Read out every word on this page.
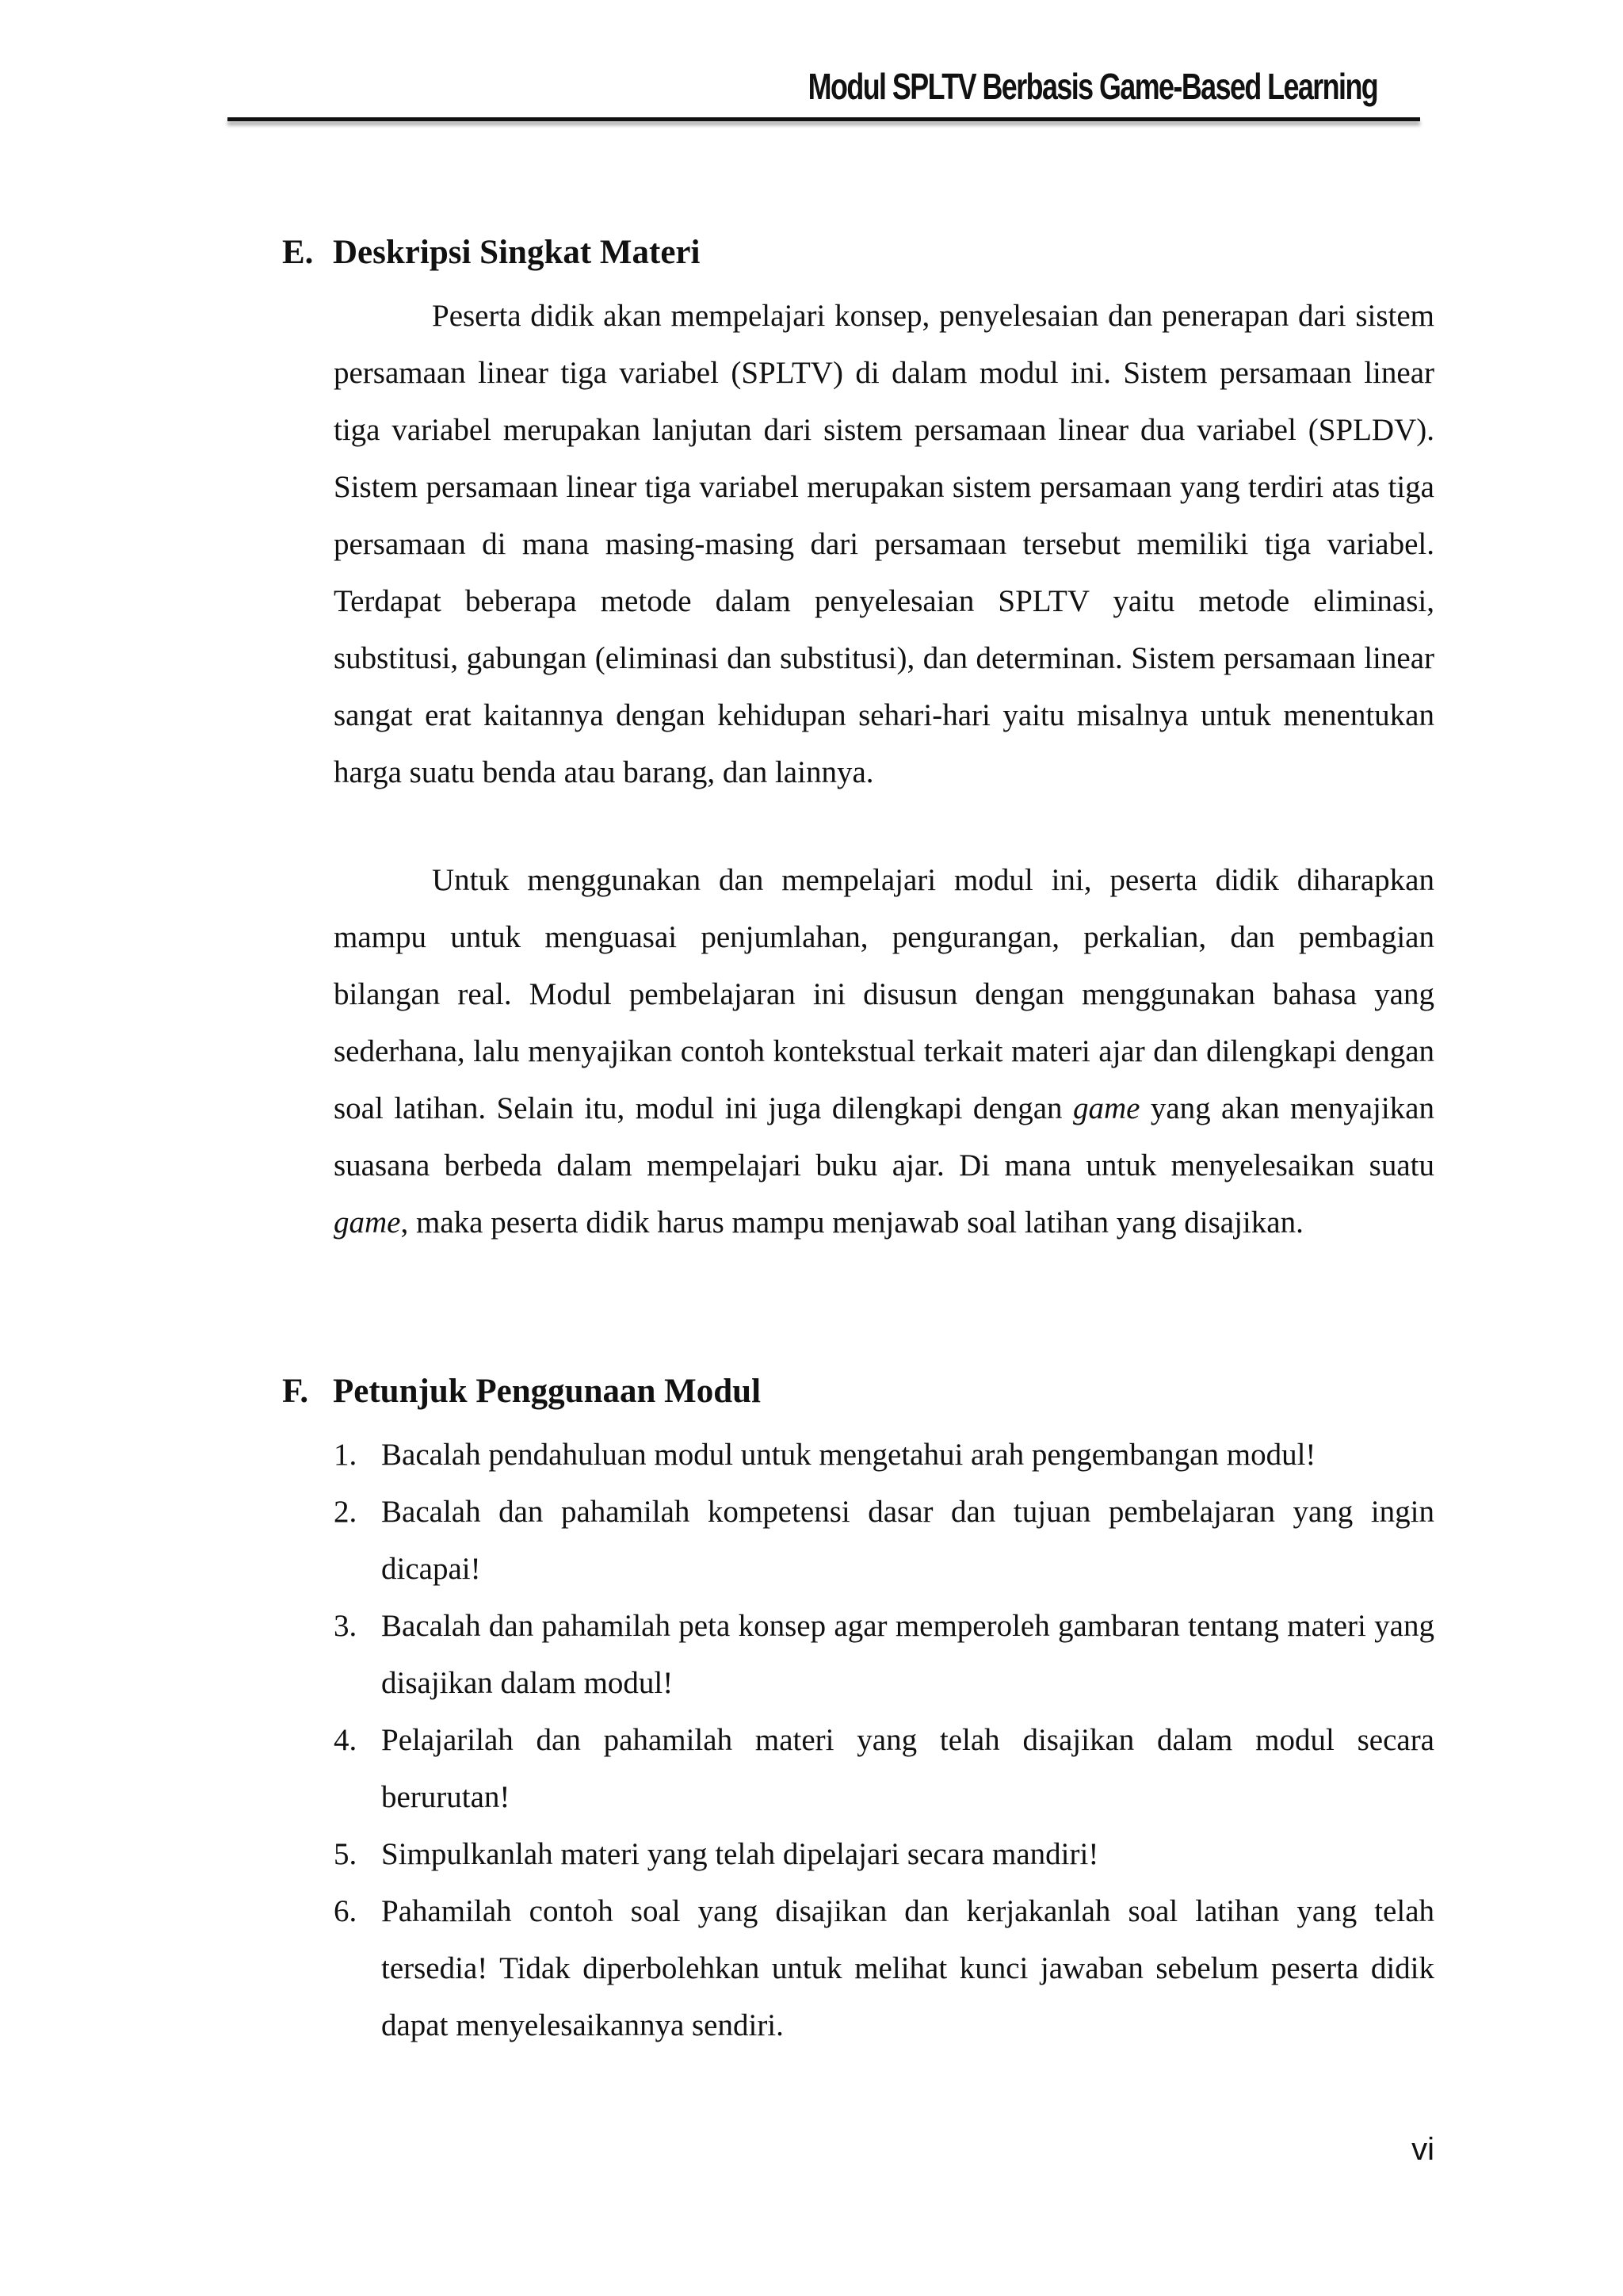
Modul SPLTV Berbasis Game-Based Learning
E. Deskripsi Singkat Materi

Peserta didik akan mempelajari konsep, penyelesaian dan penerapan dari sistem persamaan linear tiga variabel (SPLTV) di dalam modul ini. Sistem persamaan linear tiga variabel merupakan lanjutan dari sistem persamaan linear dua variabel (SPLDV). Sistem persamaan linear tiga variabel merupakan sistem persamaan yang terdiri atas tiga persamaan di mana masing-masing dari persamaan tersebut memiliki tiga variabel. Terdapat beberapa metode dalam penyelesaian SPLTV yaitu metode eliminasi, substitusi, gabungan (eliminasi dan substitusi), dan determinan. Sistem persamaan linear sangat erat kaitannya dengan kehidupan sehari-hari yaitu misalnya untuk menentukan harga suatu benda atau barang, dan lainnya.

Untuk menggunakan dan mempelajari modul ini, peserta didik diharapkan mampu untuk menguasai penjumlahan, pengurangan, perkalian, dan pembagian bilangan real. Modul pembelajaran ini disusun dengan menggunakan bahasa yang sederhana, lalu menyajikan contoh kontekstual terkait materi ajar dan dilengkapi dengan soal latihan. Selain itu, modul ini juga dilengkapi dengan game yang akan menyajikan suasana berbeda dalam mempelajari buku ajar. Di mana untuk menyelesaikan suatu game, maka peserta didik harus mampu menjawab soal latihan yang disajikan.

F. Petunjuk Penggunaan Modul
1. Bacalah pendahuluan modul untuk mengetahui arah pengembangan modul!
2. Bacalah dan pahamilah kompetensi dasar dan tujuan pembelajaran yang ingin dicapai!
3. Bacalah dan pahamilah peta konsep agar memperoleh gambaran tentang materi yang disajikan dalam modul!
4. Pelajarilah dan pahamilah materi yang telah disajikan dalam modul secara berurutan!
5. Simpulkanlah materi yang telah dipelajari secara mandiri!
6. Pahamilah contoh soal yang disajikan dan kerjakanlah soal latihan yang telah tersedia! Tidak diperbolehkan untuk melihat kunci jawaban sebelum peserta didik dapat menyelesaikannya sendiri.
vi
